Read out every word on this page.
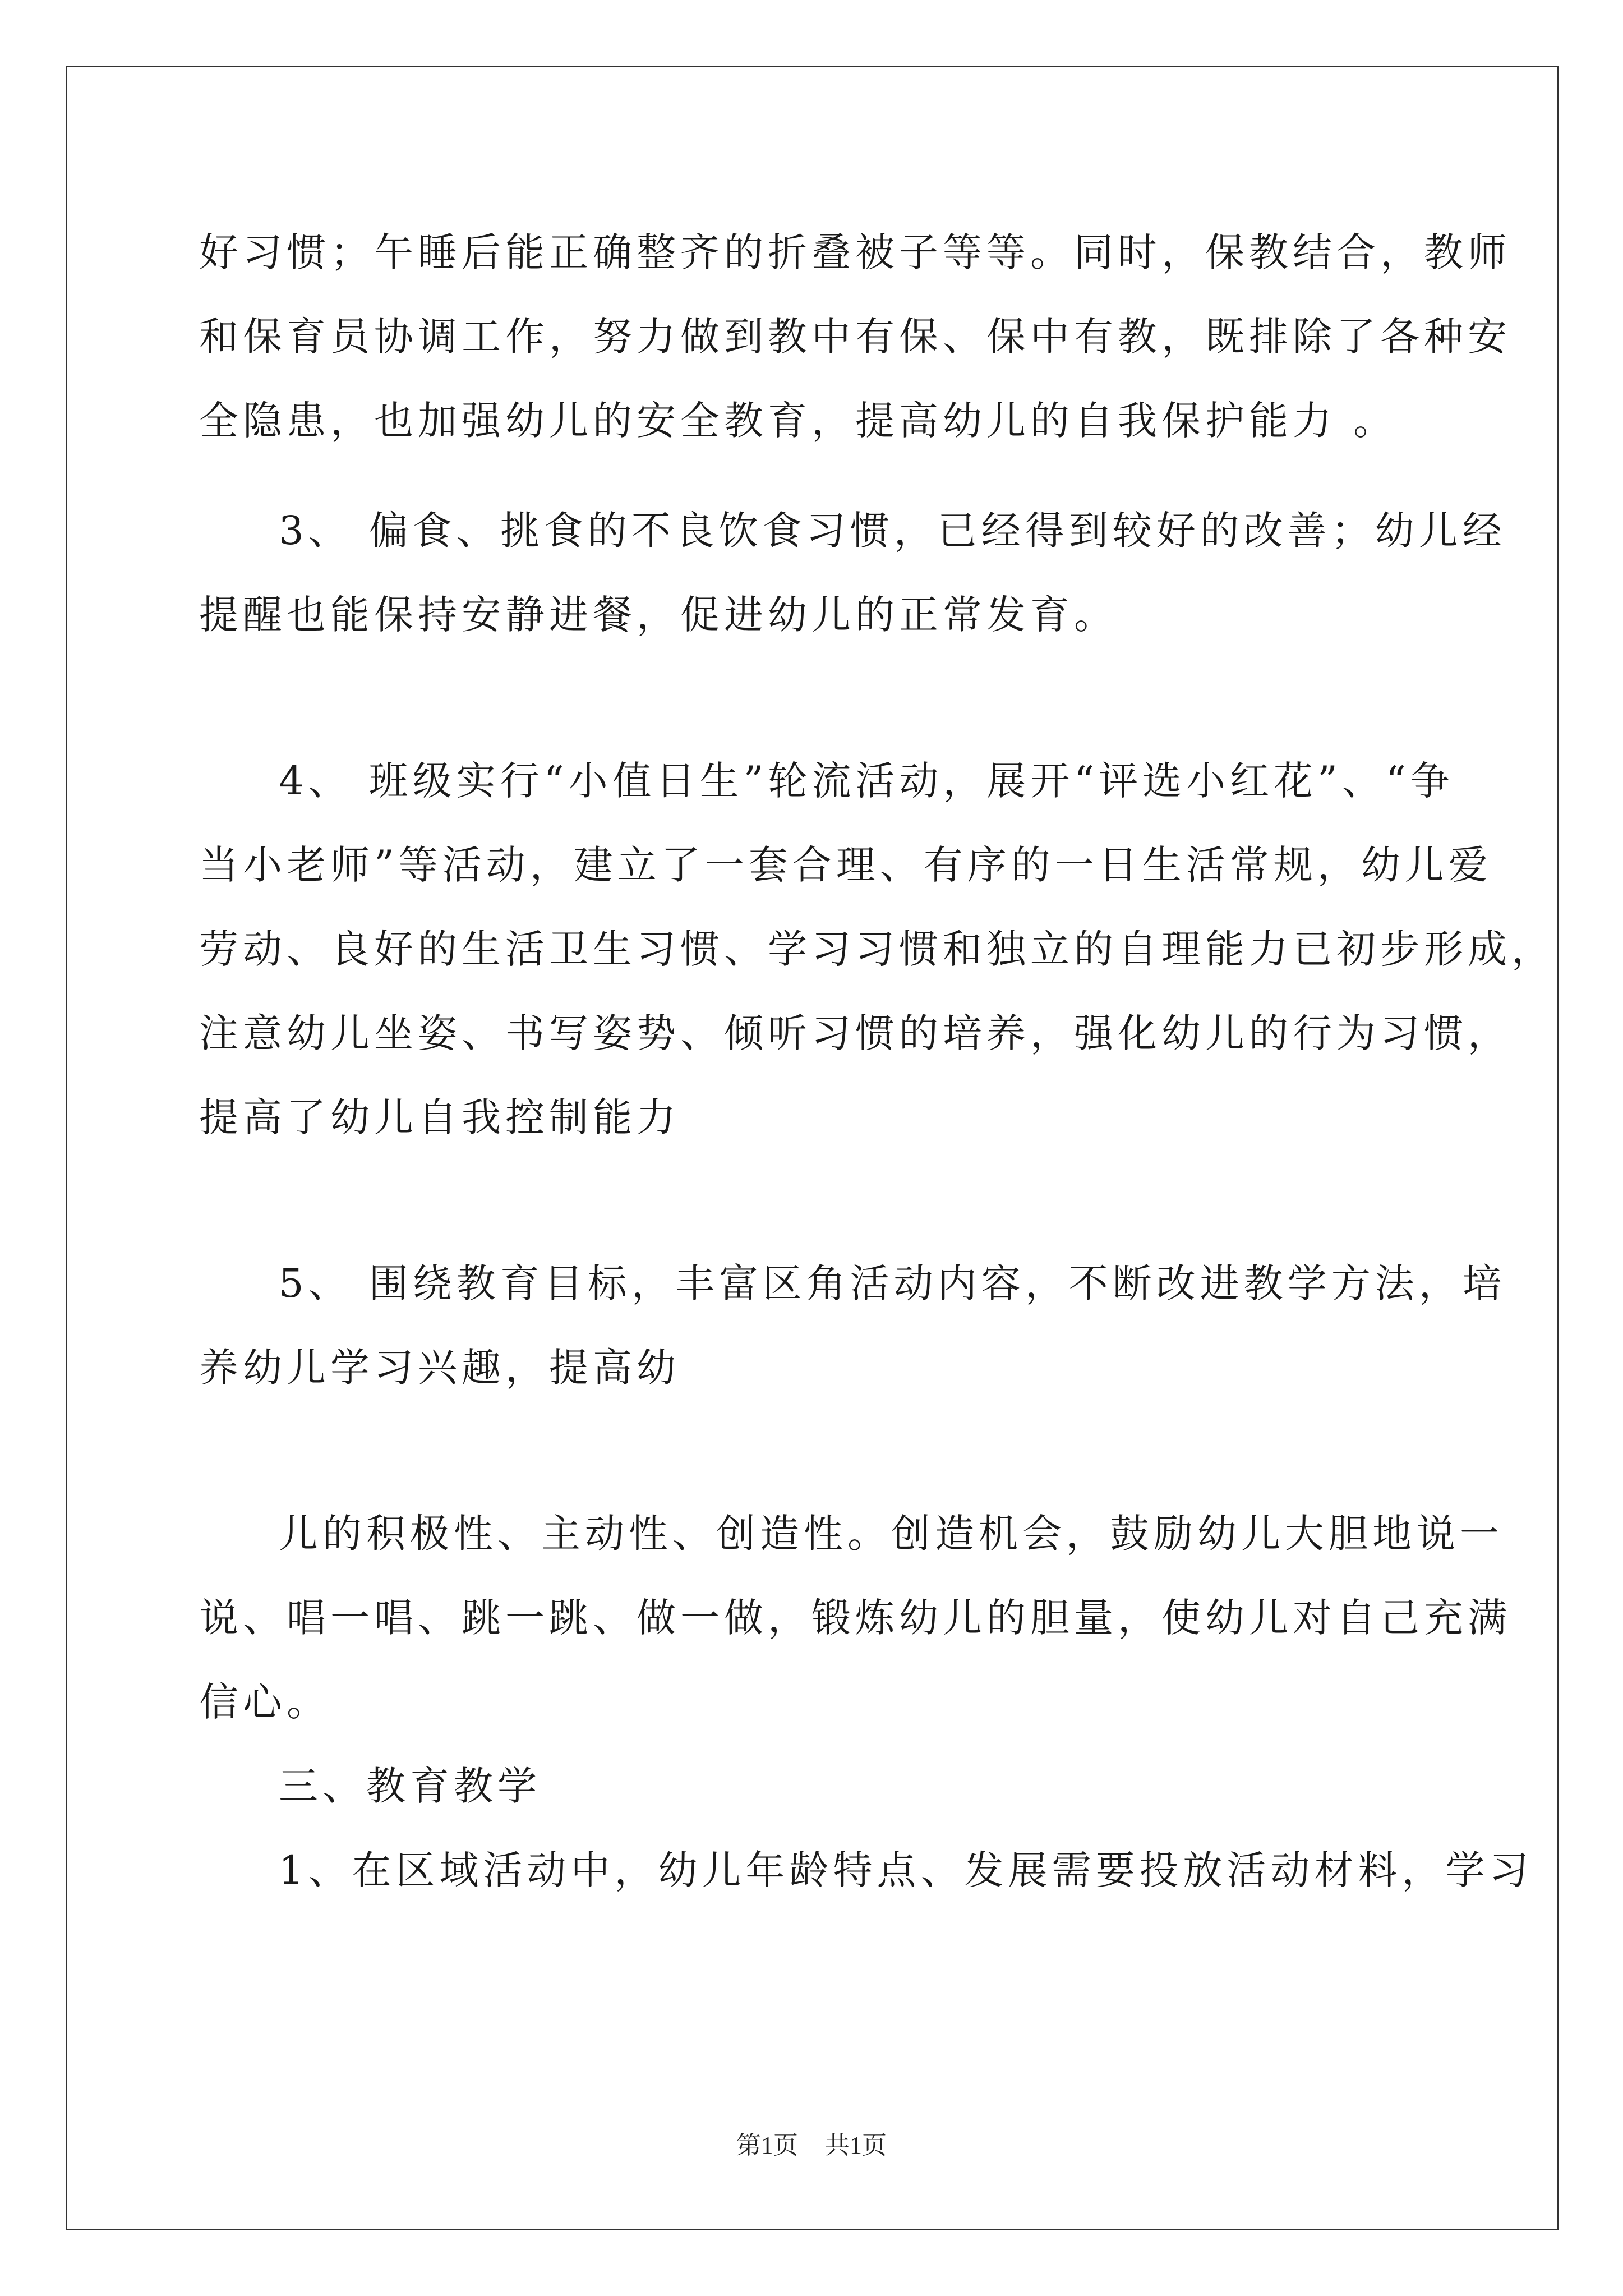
好习惯；午睡后能正确整齐的折叠被子等等。同时，保教结合，教师
和保育员协调工作，努力做到教中有保、保中有教，既排除了各种安
全隐患，也加强幼儿的安全教育，提高幼儿的自我保护能力 。
3、 偏食、挑食的不良饮食习惯，已经得到较好的改善；幼儿经
提醒也能保持安静进餐，促进幼儿的正常发育。
4、 班级实行“小值日生”轮流活动，展开“评选小红花”、“争
当小老师”等活动，建立了一套合理、有序的一日生活常规，幼儿爱
劳动、良好的生活卫生习惯、学习习惯和独立的自理能力已初步形成，
注意幼儿坐姿、书写姿势、倾听习惯的培养，强化幼儿的行为习惯，
提高了幼儿自我控制能力
5、 围绕教育目标，丰富区角活动内容，不断改进教学方法，培
养幼儿学习兴趣，提高幼
儿的积极性、主动性、创造性。创造机会，鼓励幼儿大胆地说一
说、唱一唱、跳一跳、做一做，锻炼幼儿的胆量，使幼儿对自己充满
信心。
三、教育教学
1、在区域活动中，幼儿年龄特点、发展需要投放活动材料，学习
第1页 共1页
